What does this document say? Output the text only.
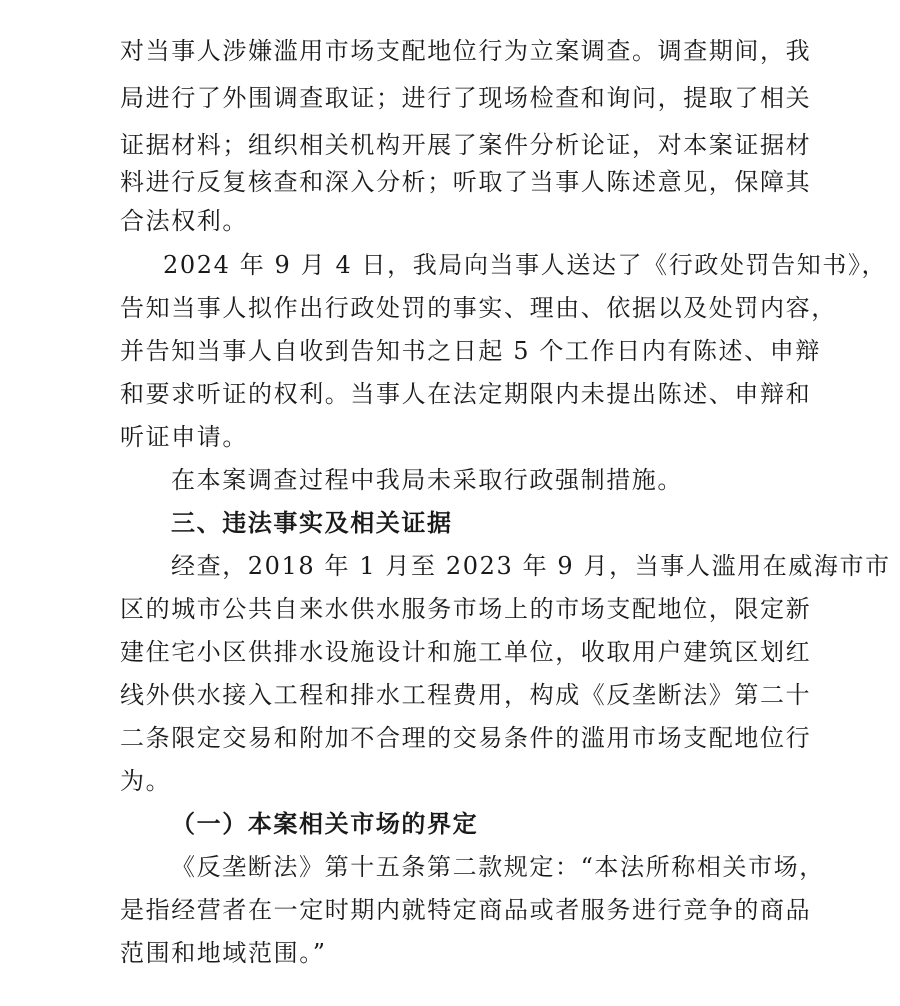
对当事人涉嫌滥用市场支配地位行为立案调查。调查期间，我
局进行了外围调查取证；进行了现场检查和询问，提取了相关
证据材料；组织相关机构开展了案件分析论证，对本案证据材
料进行反复核查和深入分析；听取了当事人陈述意见，保障其
合法权利。
2024 年 9 月 4 日，我局向当事人送达了《行政处罚告知书》，
告知当事人拟作出行政处罚的事实、理由、依据以及处罚内容，
并告知当事人自收到告知书之日起 5 个工作日内有陈述、申辩
和要求听证的权利。当事人在法定期限内未提出陈述、申辩和
听证申请。
在本案调查过程中我局未采取行政强制措施。
三、违法事实及相关证据
经查，2018 年 1 月至 2023 年 9 月，当事人滥用在威海市市
区的城市公共自来水供水服务市场上的市场支配地位，限定新
建住宅小区供排水设施设计和施工单位，收取用户建筑区划红
线外供水接入工程和排水工程费用，构成《反垄断法》第二十
二条限定交易和附加不合理的交易条件的滥用市场支配地位行
为。
（一）本案相关市场的界定
《反垄断法》第十五条第二款规定：“本法所称相关市场，
是指经营者在一定时期内就特定商品或者服务进行竞争的商品
范围和地域范围。”
